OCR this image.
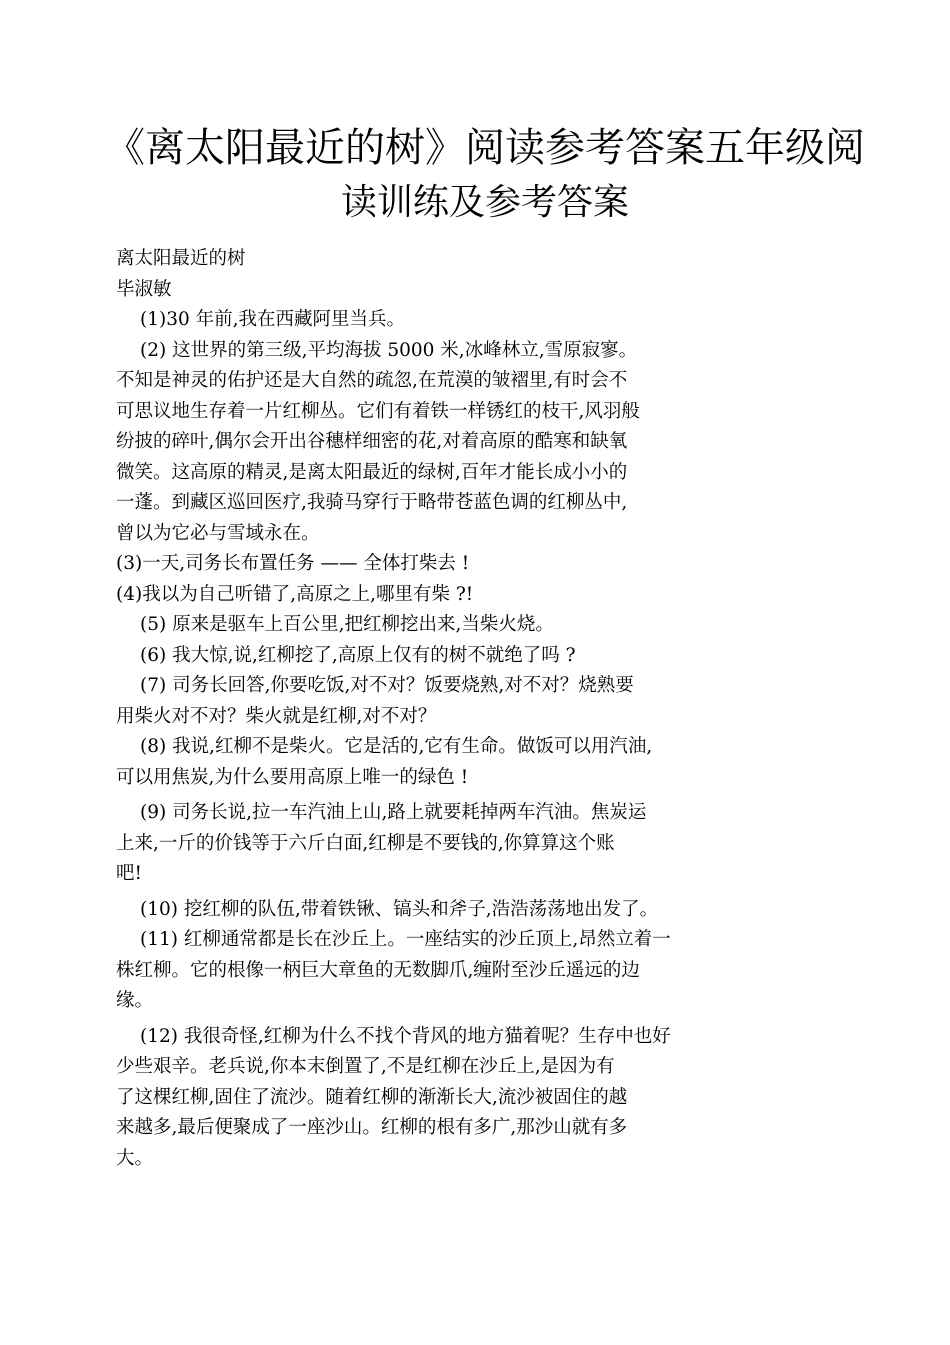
《离太阳最近的树》阅读参考答案五年级阅
读训练及参考答案
离太阳最近的树
毕淑敏
(1)30 年前,我在西藏阿里当兵。
(2) 这世界的第三级,平均海拔 5000 米,冰峰林立,雪原寂寥。
不知是神灵的佑护还是大自然的疏忽,在荒漠的皱褶里,有时会不
可思议地生存着一片红柳丛。它们有着铁一样锈红的枝干,风羽般
纷披的碎叶,偶尔会开出谷穗样细密的花,对着高原的酷寒和缺氧
微笑。这高原的精灵,是离太阳最近的绿树,百年才能长成小小的
一蓬。到藏区巡回医疗,我骑马穿行于略带苍蓝色调的红柳丛中,
曾以为它必与雪域永在。
(3)一天,司务长布置任务 —— 全体打柴去 !
(4)我以为自己听错了,高原之上,哪里有柴 ?!
(5) 原来是驱车上百公里,把红柳挖出来,当柴火烧。
(6) 我大惊,说,红柳挖了,高原上仅有的树不就绝了吗 ?
(7) 司务长回答,你要吃饭,对不对？饭要烧熟,对不对？烧熟要
用柴火对不对？柴火就是红柳,对不对？
(8) 我说,红柳不是柴火。它是活的,它有生命。做饭可以用汽油,
可以用焦炭,为什么要用高原上唯一的绿色 !
(9) 司务长说,拉一车汽油上山,路上就要耗掉两车汽油。焦炭运
上来,一斤的价钱等于六斤白面,红柳是不要钱的,你算算这个账
吧!
(10) 挖红柳的队伍,带着铁锹、镐头和斧子,浩浩荡荡地出发了。
(11) 红柳通常都是长在沙丘上。一座结实的沙丘顶上,昂然立着一
株红柳。它的根像一柄巨大章鱼的无数脚爪,缠附至沙丘遥远的边
缘。
(12) 我很奇怪,红柳为什么不找个背风的地方猫着呢？生存中也好
少些艰辛。老兵说,你本末倒置了,不是红柳在沙丘上,是因为有
了这棵红柳,固住了流沙。随着红柳的渐渐长大,流沙被固住的越
来越多,最后便聚成了一座沙山。红柳的根有多广,那沙山就有多
大。
